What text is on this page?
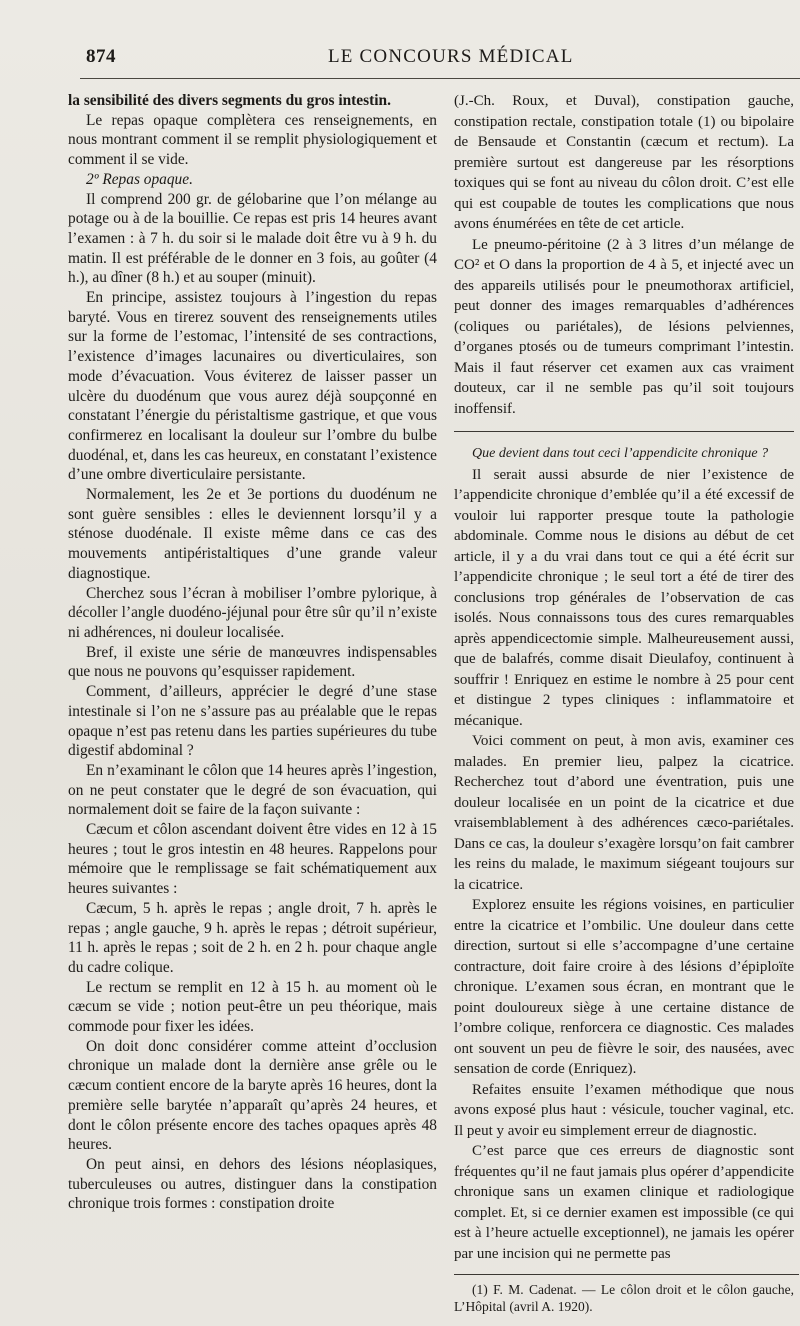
874	LE CONCOURS MÉDICAL

la sensibilité des divers segments du gros intestin.

Le repas opaque complètera ces renseignements, en nous montrant comment il se remplit physiologiquement et comment il se vide.

2º Repas opaque.

Il comprend 200 gr. de gélobarine que l’on mélange au potage ou à de la bouillie. Ce repas est pris 14 heures avant l’examen : à 7 h. du soir si le malade doit être vu à 9 h. du matin. Il est préférable de le donner en 3 fois, au goûter (4 h.), au dîner (8 h.) et au souper (minuit).

En principe, assistez toujours à l’ingestion du repas baryté. Vous en tirerez souvent des renseignements utiles sur la forme de l’estomac, l’intensité de ses contractions, l’existence d’images lacunaires ou diverticulaires, son mode d’évacuation. Vous éviterez de laisser passer un ulcère du duodénum que vous aurez déjà soupçonné en constatant l’énergie du péristaltisme gastrique, et que vous confirmerez en localisant la douleur sur l’ombre du bulbe duodénal, et, dans les cas heureux, en constatant l’existence d’une ombre diverticulaire persistante.

Normalement, les 2e et 3e portions du duodénum ne sont guère sensibles : elles le deviennent lorsqu’il y a sténose duodénale. Il existe même dans ce cas des mouvements antipéristaltiques d’une grande valeur diagnostique.

Cherchez sous l’écran à mobiliser l’ombre pylorique, à décoller l’angle duodéno-jéjunal pour être sûr qu’il n’existe ni adhérences, ni douleur localisée.

Bref, il existe une série de manœuvres indispensables que nous ne pouvons qu’esquisser rapidement.

Comment, d’ailleurs, apprécier le degré d’une stase intestinale si l’on ne s’assure pas au préalable que le repas opaque n’est pas retenu dans les parties supérieures du tube digestif abdominal ?

En n’examinant le côlon que 14 heures après l’ingestion, on ne peut constater que le degré de son évacuation, qui normalement doit se faire de la façon suivante :

Cæcum et côlon ascendant doivent être vides en 12 à 15 heures ; tout le gros intestin en 48 heures. Rappelons pour mémoire que le remplissage se fait schématiquement aux heures suivantes :

Cæcum, 5 h. après le repas ; angle droit, 7 h. après le repas ; angle gauche, 9 h. après le repas ; détroit supérieur, 11 h. après le repas ; soit de 2 h. en 2 h. pour chaque angle du cadre colique.

Le rectum se remplit en 12 à 15 h. au moment où le cæcum se vide ; notion peut-être un peu théorique, mais commode pour fixer les idées.

On doit donc considérer comme atteint d’occlusion chronique un malade dont la dernière anse grêle ou le cæcum contient encore de la baryte après 16 heures, dont la première selle barytée n’apparaît qu’après 24 heures, et dont le côlon présente encore des taches opaques après 48 heures.

On peut ainsi, en dehors des lésions néoplasiques, tuberculeuses ou autres, distinguer dans la constipation chronique trois formes : constipation droite

(J.-Ch. Roux, et Duval), constipation gauche, constipation rectale, constipation totale (1) ou bipolaire de Bensaude et Constantin (cæcum et rectum). La première surtout est dangereuse par les résorptions toxiques qui se font au niveau du côlon droit. C’est elle qui est coupable de toutes les complications que nous avons énumérées en tête de cet article.

Le pneumo-péritoine (2 à 3 litres d’un mélange de CO² et O dans la proportion de 4 à 5, et injecté avec un des appareils utilisés pour le pneumothorax artificiel, peut donner des images remarquables d’adhérences (coliques ou pariétales), de lésions pelviennes, d’organes ptosés ou de tumeurs comprimant l’intestin. Mais il faut réserver cet examen aux cas vraiment douteux, car il ne semble pas qu’il soit toujours inoffensif.

Que devient dans tout ceci l’appendicite chronique ?

Il serait aussi absurde de nier l’existence de l’appendicite chronique d’emblée qu’il a été excessif de vouloir lui rapporter presque toute la pathologie abdominale. Comme nous le disions au début de cet article, il y a du vrai dans tout ce qui a été écrit sur l’appendicite chronique ; le seul tort a été de tirer des conclusions trop générales de l’observation de cas isolés. Nous connaissons tous des cures remarquables après appendicectomie simple. Malheureusement aussi, que de balafrés, comme disait Dieulafoy, continuent à souffrir ! Enriquez en estime le nombre à 25 pour cent et distingue 2 types cliniques : inflammatoire et mécanique.

Voici comment on peut, à mon avis, examiner ces malades. En premier lieu, palpez la cicatrice. Recherchez tout d’abord une éventration, puis une douleur localisée en un point de la cicatrice et due vraisemblablement à des adhérences cæco-pariétales. Dans ce cas, la douleur s’exagère lorsqu’on fait cambrer les reins du malade, le maximum siégeant toujours sur la cicatrice.

Explorez ensuite les régions voisines, en particulier entre la cicatrice et l’ombilic. Une douleur dans cette direction, surtout si elle s’accompagne d’une certaine contracture, doit faire croire à des lésions d’épiploïte chronique. L’examen sous écran, en montrant que le point douloureux siège à une certaine distance de l’ombre colique, renforcera ce diagnostic. Ces malades ont souvent un peu de fièvre le soir, des nausées, avec sensation de corde (Enriquez).

Refaites ensuite l’examen méthodique que nous avons exposé plus haut : vésicule, toucher vaginal, etc. Il peut y avoir eu simplement erreur de diagnostic.

C’est parce que ces erreurs de diagnostic sont fréquentes qu’il ne faut jamais plus opérer d’appendicite chronique sans un examen clinique et radiologique complet. Et, si ce dernier examen est impossible (ce qui est à l’heure actuelle exceptionnel), ne jamais les opérer par une incision qui ne permette pas

(1) F. M. Cadenat. — Le côlon droit et le côlon gauche, L’Hôpital (avril A. 1920).
